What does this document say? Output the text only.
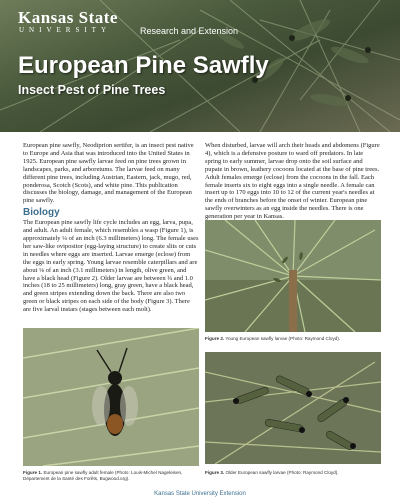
Kansas State
UNIVERSITY	Research and Extension
European Pine Sawfly
Insect Pest of Pine Trees

European pine sawfly, Neodiprion sertifer, is an insect pest native to Europe and Asia that was introduced into the United States in 1925. European pine sawfly larvae feed on pine trees grown in landscapes, parks, and arboretums. The larvae feed on many different pine trees, including Austrian, Eastern, jack, mugo, red, ponderosa, Scotch (Scots), and white pine. This publication discusses the biology, damage, and management of the European pine sawfly.

Biology

The European pine sawfly life cycle includes an egg, larva, pupa, and adult. An adult female, which resembles a wasp (Figure 1), is approximately ¼ of an inch (6.3 millimeters) long. The female uses her saw-like ovipositor (egg-laying structure) to create slits or cuts in needles where eggs are inserted. Larvae emerge (eclose) from the eggs in early spring. Young larvae resemble caterpillars and are about ⅛ of an inch (3.1 millimeters) in length, olive green, and have a black head (Figure 2). Older larvae are between ¾ and 1.0 inches (18 to 25 millimeters) long, gray green, have a black head, and green stripes extending down the back. There are also two green or black stripes on each side of the body (Figure 3). There are five larval instars (stages between each molt).

When disturbed, larvae will arch their heads and abdomens (Figure 4), which is a defensive posture to ward off predators. In late spring to early summer, larvae drop onto the soil surface and pupate in brown, leathery cocoons located at the base of pine trees. Adult females emerge (eclose) from the cocoons in the fall. Each female inserts six to eight eggs into a single needle. A female can insert up to 170 eggs into 10 to 12 of the current year's needles at the ends of branches before the onset of winter. European pine sawfly overwinters as an egg inside the needles. There is one generation per year in Kansas.

Figure 2. Young European sawfly larvae (Photo: Raymond Cloyd).
Figure 1. European pine sawfly adult female (Photo: Louis-Michel Nageleisen, Département de la Santé des Forêts, Bugwood.org).
Figure 3. Older European sawfly larvae (Photo: Raymond Cloyd).
Kansas State University Extension
